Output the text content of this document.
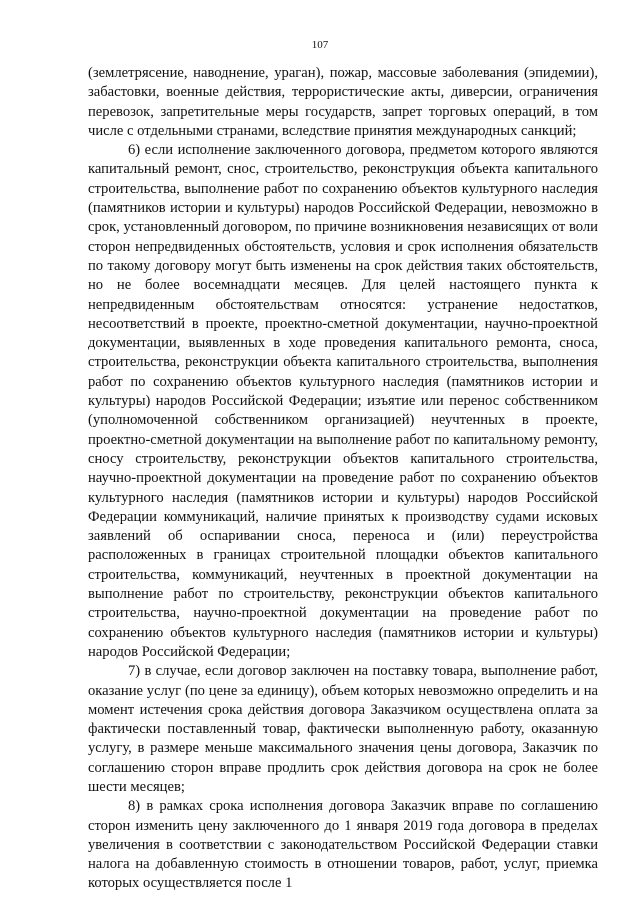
107

(землетрясение, наводнение, ураган), пожар, массовые заболевания (эпидемии), забастовки, военные действия, террористические акты, диверсии, ограничения перевозок, запретительные меры государств, запрет торговых операций, в том числе с отдельными странами, вследствие принятия международных санкций;

6) если исполнение заключенного договора, предметом которого являются капитальный ремонт, снос, строительство, реконструкция объекта капитального строительства, выполнение работ по сохранению объектов культурного наследия (памятников истории и культуры) народов Российской Федерации, невозможно в срок, установленный договором, по причине возникновения независящих от воли сторон непредвиденных обстоятельств, условия и срок исполнения обязательств по такому договору могут быть изменены на срок действия таких обстоятельств, но не более восемнадцати месяцев. Для целей настоящего пункта к непредвиденным обстоятельствам относятся: устранение недостатков, несоответствий в проекте, проектно-сметной документации, научно-проектной документации, выявленных в ходе проведения капитального ремонта, сноса, строительства, реконструкции объекта капитального строительства, выполнения работ по сохранению объектов культурного наследия (памятников истории и культуры) народов Российской Федерации; изъятие или перенос собственником (уполномоченной собственником организацией) неучтенных в проекте, проектно-сметной документации на выполнение работ по капитальному ремонту, сносу строительству, реконструкции объектов капитального строительства, научно-проектной документации на проведение работ по сохранению объектов культурного наследия (памятников истории и культуры) народов Российской Федерации коммуникаций, наличие принятых к производству судами исковых заявлений об оспаривании сноса, переноса и (или) переустройства расположенных в границах строительной площадки объектов капитального строительства, коммуникаций, неучтенных в проектной документации на выполнение работ по строительству, реконструкции объектов капитального строительства, научно-проектной документации на проведение работ по сохранению объектов культурного наследия (памятников истории и культуры) народов Российской Федерации;

7) в случае, если договор заключен на поставку товара, выполнение работ, оказание услуг (по цене за единицу), объем которых невозможно определить и на момент истечения срока действия договора Заказчиком осуществлена оплата за фактически поставленный товар, фактически выполненную работу, оказанную услугу, в размере меньше максимального значения цены договора, Заказчик по соглашению сторон вправе продлить срок действия договора на срок не более шести месяцев;

8) в рамках срока исполнения договора Заказчик вправе по соглашению сторон изменить цену заключенного до 1 января 2019 года договора в пределах увеличения в соответствии с законодательством Российской Федерации ставки налога на добавленную стоимость в отношении товаров, работ, услуг, приемка которых осуществляется после 1
